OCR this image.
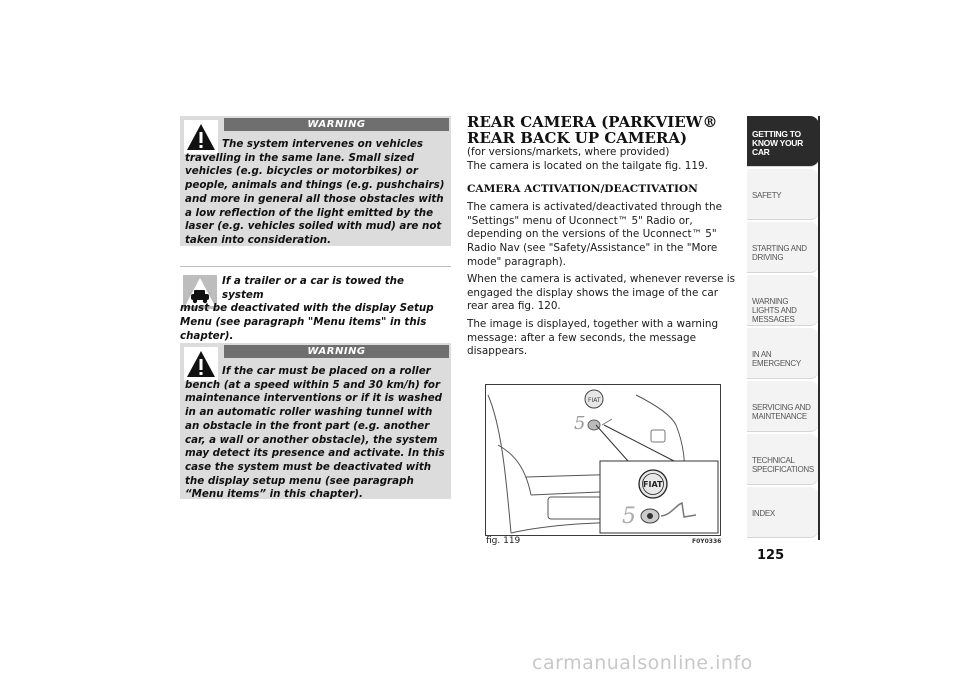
WARNING
The system intervenes on vehicles
travelling in the same lane. Small sized vehicles (e.g. bicycles or motorbikes) or people, animals and things (e.g. pushchairs) and more in general all those obstacles with a low reflection of the light emitted by the laser (e.g. vehicles soiled with mud) are not taken into consideration.
If a trailer or a car is towed the system
must be deactivated with the display Setup Menu (see paragraph "Menu items" in this chapter).
WARNING
If the car must be placed on a roller
bench (at a speed within 5 and 30 km/h) for maintenance interventions or if it is washed in an automatic roller washing tunnel with an obstacle in the front part (e.g. another car, a wall or another obstacle), the system may detect its presence and activate. In this case the system must be deactivated with the display setup menu (see paragraph “Menu items” in this chapter).

REAR CAMERA (PARKVIEW®

REAR BACK UP CAMERA)

(for versions/markets, where provided)

The camera is located on the tailgate fig. 119.

CAMERA ACTIVATION/DEACTIVATION

The camera is activated/deactivated through the "Settings" menu of Uconnect™ 5" Radio or, depending on the versions of the Uconnect™ 5" Radio Nav (see "Safety/Assistance" in the "More mode" paragraph).

When the camera is activated, whenever reverse is engaged the display shows the image of the car rear area fig. 120.

The image is displayed, together with a warning message: after a few seconds, the message disappears.

FIAT
5
FIAT
5
fig. 119	F0Y0336
GETTING TO KNOW YOUR CAR
SAFETY
STARTING AND DRIVING
WARNING LIGHTS AND MESSAGES
IN AN EMERGENCY
SERVICING AND MAINTENANCE
TECHNICAL SPECIFICATIONS
INDEX
125
carmanualsonline.info
